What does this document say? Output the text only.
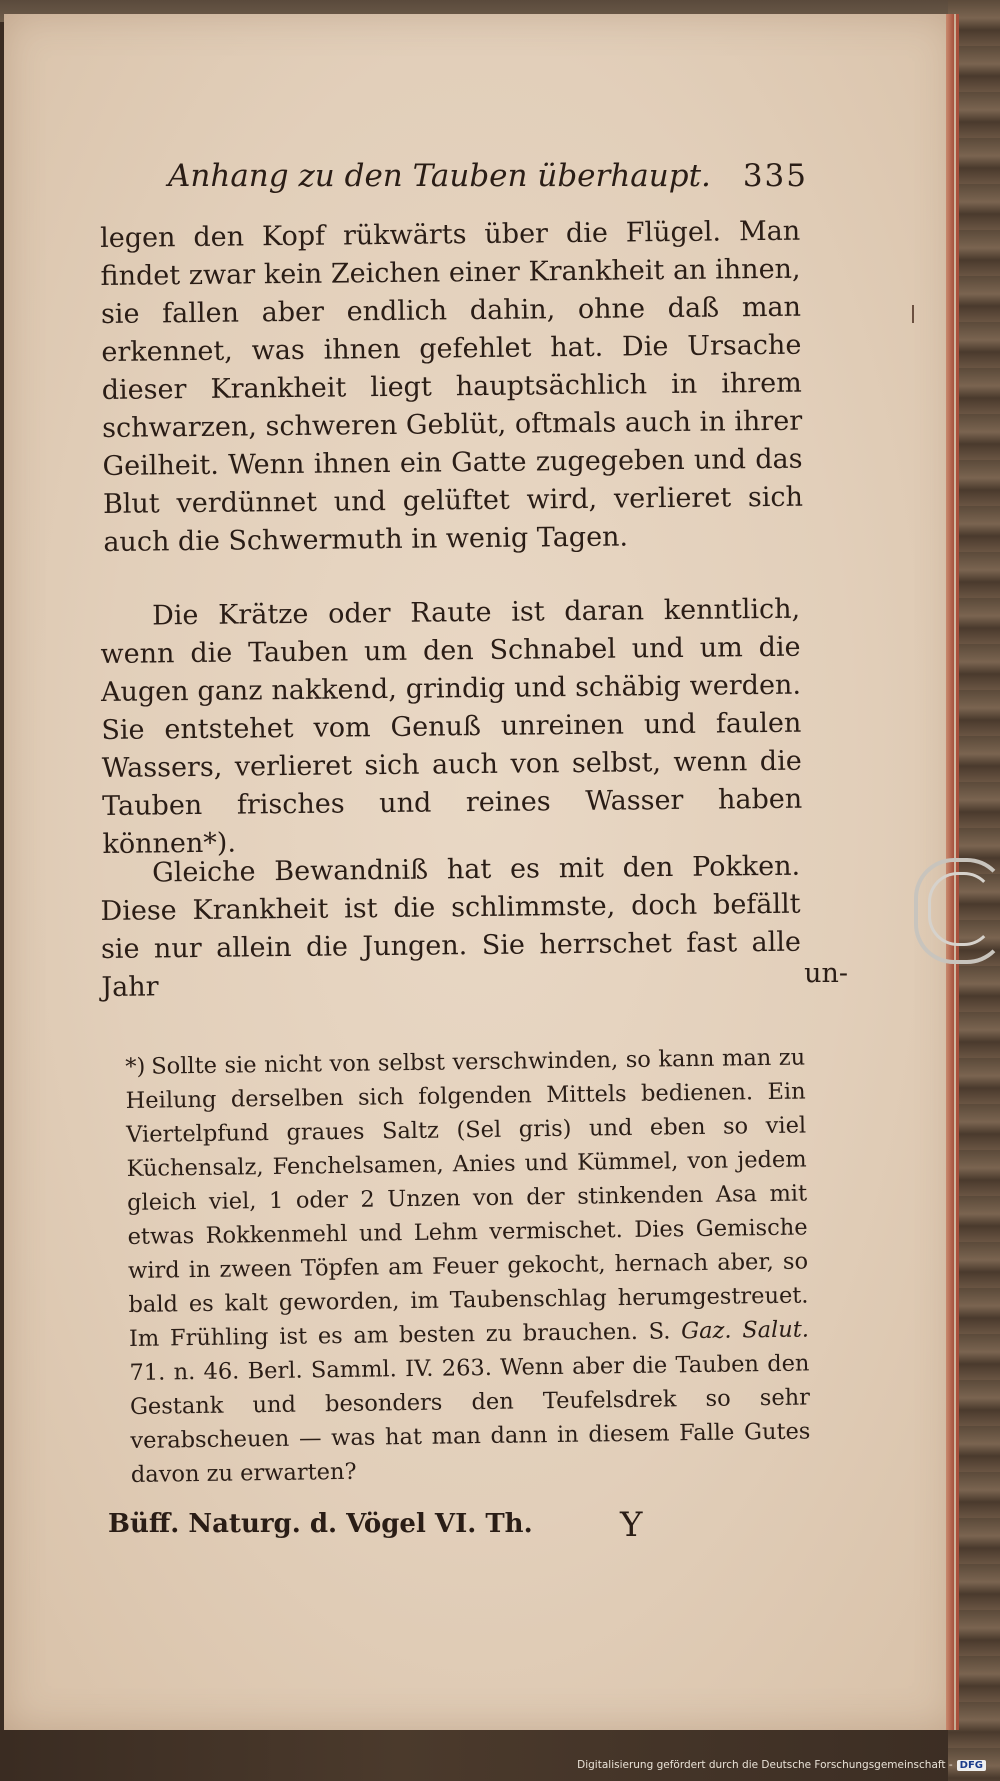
Anhang zu den Tauben überhaupt. 335

legen den Kopf rükwärts über die Flügel. Man findet zwar kein Zeichen einer Krankheit an ihnen, sie fallen aber endlich dahin, ohne daß man erkennet, was ihnen gefehlet hat. Die Ursache dieser Krankheit liegt hauptsächlich in ihrem schwarzen, schweren Geblüt, oftmals auch in ihrer Geilheit. Wenn ihnen ein Gatte zugegeben und das Blut verdünnet und gelüftet wird, verlieret sich auch die Schwermuth in wenig Tagen.

Die Krätze oder Raute ist daran kenntlich, wenn die Tauben um den Schnabel und um die Augen ganz nakkend, grindig und schäbig werden. Sie entstehet vom Genuß unreinen und faulen Wassers, verlieret sich auch von selbst, wenn die Tauben frisches und reines Wasser haben können*).

Gleiche Bewandniß hat es mit den Pokken. Diese Krankheit ist die schlimmste, doch befällt sie nur allein die Jungen. Sie herrschet fast alle Jahr	un-
*) Sollte sie nicht von selbst verschwinden, so kann man zu Heilung derselben sich folgenden Mittels bedienen. Ein Viertelpfund graues Saltz (Sel gris) und eben so viel Küchensalz, Fenchelsamen, Anies und Kümmel, von jedem gleich viel, 1 oder 2 Unzen von der stinkenden Asa mit etwas Rokkenmehl und Lehm vermischet. Dies Gemische wird in zween Töpfen am Feuer gekocht, hernach aber, so bald es kalt geworden, im Taubenschlag herumgestreuet. Im Frühling ist es am besten zu brauchen. S. Gaz. Salut. 71. n. 46. Berl. Samml. IV. 263. Wenn aber die Tauben den Gestank und besonders den Teufelsdrek so sehr verabscheuen — was hat man dann in diesem Falle Gutes davon zu erwarten?
Büff. Naturg. d. Vögel VI. Th.	Y
Digitalisierung gefördert durch die Deutsche Forschungsgemeinschaft - DFG
